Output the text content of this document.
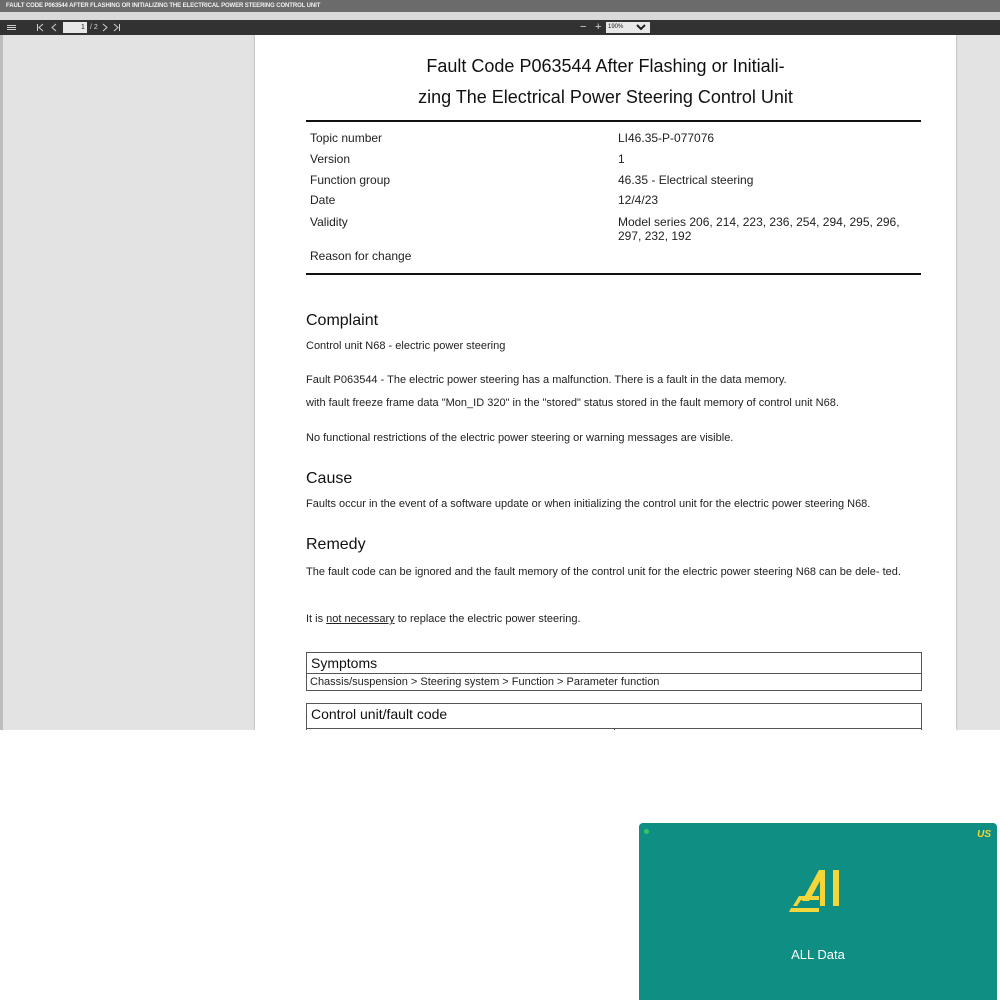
FAULT CODE P063544 AFTER FLASHING OR INITIALIZING THE ELECTRICAL POWER STEERING CONTROL UNIT
1 / 2	− +	190%
Fault Code P063544 After Flashing or Initiali-
zing The Electrical Power Steering Control Unit
Topic number	LI46.35-P-077076
Version	1
Function group	46.35 - Electrical steering
Date	12/4/23
Validity	Model series 206, 214, 223, 236, 254, 294, 295, 296, 297, 232, 192
Reason for change
Complaint
Control unit N68 - electric power steering
Fault P063544 - The electric power steering has a malfunction. There is a fault in the data memory.
with fault freeze frame data "Mon_ID 320" in the "stored" status stored in the fault memory of control unit N68.
No functional restrictions of the electric power steering or warning messages are visible.
Cause
Faults occur in the event of a software update or when initializing the control unit for the electric power steering N68.
Remedy
The fault code can be ignored and the fault memory of the control unit for the electric power steering N68 can be dele- ted.
It is not necessary to replace the electric power steering.
Symptoms
Chassis/suspension > Steering system > Function > Parameter function
Control unit/fault code
US
ALL Data
